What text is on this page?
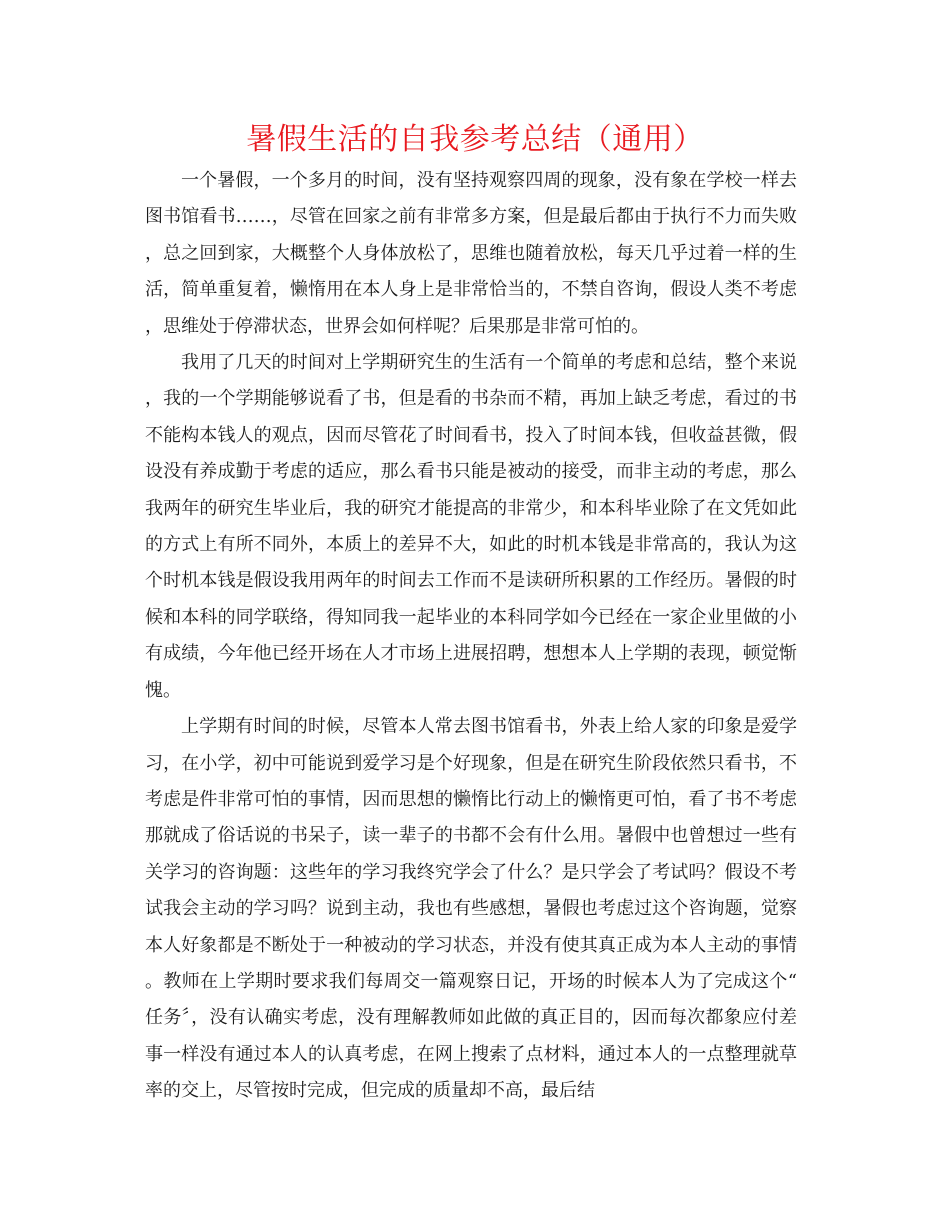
暑假生活的自我参考总结（通用）

一个暑假，一个多月的时间，没有坚持观察四周的现象，没有象在学校一样去图书馆看书……，尽管在回家之前有非常多方案，但是最后都由于执行不力而失败，总之回到家，大概整个人身体放松了，思维也随着放松，每天几乎过着一样的生活，简单重复着，懒惰用在本人身上是非常恰当的，不禁自咨询，假设人类不考虑，思维处于停滞状态，世界会如何样呢？后果那是非常可怕的。

我用了几天的时间对上学期研究生的生活有一个简单的考虑和总结，整个来说，我的一个学期能够说看了书，但是看的书杂而不精，再加上缺乏考虑，看过的书不能构本钱人的观点，因而尽管花了时间看书，投入了时间本钱，但收益甚微，假设没有养成勤于考虑的适应，那么看书只能是被动的接受，而非主动的考虑，那么我两年的研究生毕业后，我的研究才能提高的非常少，和本科毕业除了在文凭如此的方式上有所不同外，本质上的差异不大，如此的时机本钱是非常高的，我认为这个时机本钱是假设我用两年的时间去工作而不是读研所积累的工作经历。暑假的时候和本科的同学联络，得知同我一起毕业的本科同学如今已经在一家企业里做的小有成绩，今年他已经开场在人才市场上进展招聘，想想本人上学期的表现，顿觉惭愧。

上学期有时间的时候，尽管本人常去图书馆看书，外表上给人家的印象是爱学习，在小学，初中可能说到爱学习是个好现象，但是在研究生阶段依然只看书，不考虑是件非常可怕的事情，因而思想的懒惰比行动上的懒惰更可怕，看了书不考虑那就成了俗话说的书呆子，读一辈子的书都不会有什么用。暑假中也曾想过一些有关学习的咨询题：这些年的学习我终究学会了什么？是只学会了考试吗？假设不考试我会主动的学习吗？说到主动，我也有些感想，暑假也考虑过这个咨询题，觉察本人好象都是不断处于一种被动的学习状态，并没有使其真正成为本人主动的事情。教师在上学期时要求我们每周交一篇观察日记，开场的时候本人为了完成这个“任务〞，没有认确实考虑，没有理解教师如此做的真正目的，因而每次都象应付差事一样没有通过本人的认真考虑，在网上搜索了点材料，通过本人的一点整理就草率的交上，尽管按时完成，但完成的质量却不高，最后结
